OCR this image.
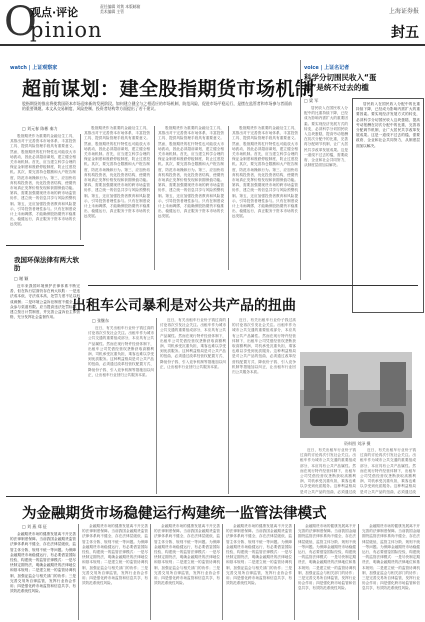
O
观点·评论
pinion
责任编辑 刘隽 本版邮箱
美术编辑 主管	上海证券报
封五
watch | 上证观察家
超前谋划：建全股指期货市场机制
股指期货的推出将使我国资本市场迎来新的发展阶段。如何建立健全与之相适应的市场机制，防范风险，促进市场平稳运行，是摆在监管者和市场参与者面前的重要课题。本文从交易制度、风险控制、投资者结构等方面提出了若干建议。
□ 刘元春 陈彬 秦力

股指期货作为重要的金融衍生工具，其推出对于完善资本市场体系、丰富投资工具、提供风险管理手段具有重要意义。然而，股指期货的杠杆特性也可能放大市场波动，因此必须超前谋划，建立健全相关市场机制。首先，应当建立科学合理的保证金制度和涨跌停板制度，防止过度投机。其次，要完善持仓限额和大户报告制度，防范市场操纵行为。第三，应加快培育机构投资者，优化投资者结构，使期货市场真正发挥价格发现和套期保值功能。第四，需要加强期现货市场的跨市场监管协作，建立统一的信息共享与风险预警机制。第五，还应加强投资者教育和风险提示，引导投资者理性参与。只有在制度设计上未雨绸缪，才能确保股指期货平稳推出、稳健运行，真正服务于资本市场的长远发展。

股指期货作为重要的金融衍生工具，其推出对于完善资本市场体系、丰富投资工具、提供风险管理手段具有重要意义。然而，股指期货的杠杆特性也可能放大市场波动，因此必须超前谋划，建立健全相关市场机制。首先，应当建立科学合理的保证金制度和涨跌停板制度，防止过度投机。其次，要完善持仓限额和大户报告制度，防范市场操纵行为。第三，应加快培育机构投资者，优化投资者结构，使期货市场真正发挥价格发现和套期保值功能。第四，需要加强期现货市场的跨市场监管协作，建立统一的信息共享与风险预警机制。第五，还应加强投资者教育和风险提示，引导投资者理性参与。只有在制度设计上未雨绸缪，才能确保股指期货平稳推出、稳健运行，真正服务于资本市场的长远发展。

股指期货作为重要的金融衍生工具，其推出对于完善资本市场体系、丰富投资工具、提供风险管理手段具有重要意义。然而，股指期货的杠杆特性也可能放大市场波动，因此必须超前谋划，建立健全相关市场机制。首先，应当建立科学合理的保证金制度和涨跌停板制度，防止过度投机。其次，要完善持仓限额和大户报告制度，防范市场操纵行为。第三，应加快培育机构投资者，优化投资者结构，使期货市场真正发挥价格发现和套期保值功能。第四，需要加强期现货市场的跨市场监管协作，建立统一的信息共享与风险预警机制。第五，还应加强投资者教育和风险提示，引导投资者理性参与。只有在制度设计上未雨绸缪，才能确保股指期货平稳推出、稳健运行，真正服务于资本市场的长远发展。

股指期货作为重要的金融衍生工具，其推出对于完善资本市场体系、丰富投资工具、提供风险管理手段具有重要意义。然而，股指期货的杠杆特性也可能放大市场波动，因此必须超前谋划，建立健全相关市场机制。首先，应当建立科学合理的保证金制度和涨跌停板制度，防止过度投机。其次，要完善持仓限额和大户报告制度，防范市场操纵行为。第三，应加快培育机构投资者，优化投资者结构，使期货市场真正发挥价格发现和套期保值功能。第四，需要加强期现货市场的跨市场监管协作，建立统一的信息共享与风险预警机制。第五，还应加强投资者教育和风险提示，引导投资者理性参与。只有在制度设计上未雨绸缪，才能确保股指期货平稳推出、稳健运行，真正服务于资本市场的长远发展。

voice | 上证名记者
科学分切围民收入“蛋糕”是统不过去的槛
□ 梁 军

居民收入在国民收入分配中的比重持续下降，已经成为影响内需扩大的重要因素。要实现经济发展方式的转变，必须科学分切国民收入这块蛋糕，提高劳动报酬在初次分配中的比重，完善再分配调节机制，让广大居民共享改革发展成果。这是一道绕不过去的槛，需要政府、企业和社会共同努力，从制度层面加以解决。

居民收入在国民收入分配中的比重持续下降，已经成为影响内需扩大的重要因素。要实现经济发展方式的转变，必须科学分切国民收入这块蛋糕，提高劳动报酬在初次分配中的比重，完善再分配调节机制，让广大居民共享改革发展成果。这是一道绕不过去的槛，需要政府、企业和社会共同努力，从制度层面加以解决。

我国环保法律有两大软肋
□ 谢 颖

近年来我国环境保护法律体系不断完善，但在执行层面仍存在两大软肋：一是违法成本低、守法成本高，处罚力度不足以形成威慑；二是环境公益诉讼制度不健全，公众参与渠道有限。应当提高违法处罚标准，建立按日计罚制度，并完善公益诉讼主体资格，充分发挥社会监督作用。

出租车公司暴利是对公共产品的扭曲
□ 张继东

近日，有关出租车行业份子钱过高的讨论再次引发社会关注。出租车作为城市公共交通的重要组成部分，本应具有公共产品属性。然而在现行特许经营体制下，出租车公司凭借经营权垄断获取高额利润，司机承受沉重负担，乘客也难以享受到优质服务。这种利益格局是对公共产品的扭曲，必须通过改革经营权配置方式、降低份子钱、引入竞争机制等措施加以纠正，让出租车行业回归公共服务本质。

近日，有关出租车行业份子钱过高的讨论再次引发社会关注。出租车作为城市公共交通的重要组成部分，本应具有公共产品属性。然而在现行特许经营体制下，出租车公司凭借经营权垄断获取高额利润，司机承受沉重负担，乘客也难以享受到优质服务。这种利益格局是对公共产品的扭曲，必须通过改革经营权配置方式、降低份子钱、引入竞争机制等措施加以纠正，让出租车行业回归公共服务本质。

近日，有关出租车行业份子钱过高的讨论再次引发社会关注。出租车作为城市公共交通的重要组成部分，本应具有公共产品属性。然而在现行特许经营体制下，出租车公司凭借经营权垄断获取高额利润，司机承受沉重负担，乘客也难以享受到优质服务。这种利益格局是对公共产品的扭曲，必须通过改革经营权配置方式、降低份子钱、引入竞争机制等措施加以纠正，让出租车行业回归公共服务本质。

资料图 刘泽 摄

近日，有关出租车行业份子钱过高的讨论再次引发社会关注。出租车作为城市公共交通的重要组成部分，本应具有公共产品属性。然而在现行特许经营体制下，出租车公司凭借经营权垄断获取高额利润，司机承受沉重负担，乘客也难以享受到优质服务。这种利益格局是对公共产品的扭曲，必须通过改

近日，有关出租车行业份子钱过高的讨论再次引发社会关注。出租车作为城市公共交通的重要组成部分，本应具有公共产品属性。然而在现行特许经营体制下，出租车公司凭借经营权垄断获取高额利润，司机承受沉重负担，乘客也难以享受到优质服务。这种利益格局是对公共产品的扭曲，必须通过改

为金融期货市场稳健运行构建统一监管法律模式
□ 刘 燕 郑 征

金融期货市场的健康发展离不开完善的法律制度保障。当前我国金融期货监管法律体系尚不健全，存在法律层级低、监管主体分散、规则不统一等问题。为保障金融期货市场稳健运行，有必要借鉴国际经验，构建统一的监管法律模式：一是尽快制定期货法，明确金融期货的法律地位和基本规则；二是建立统一的监管协调机制，加强证监会与相关部门的协作；三是完善交易所自律监管，发挥行业协会作用；四是强化跨市场监管和信息共享，有效防范系统性风险。

金融期货市场的健康发展离不开完善的法律制度保障。当前我国金融期货监管法律体系尚不健全，存在法律层级低、监管主体分散、规则不统一等问题。为保障金融期货市场稳健运行，有必要借鉴国际经验，构建统一的监管法律模式：一是尽快制定期货法，明确金融期货的法律地位和基本规则；二是建立统一的监管协调机制，加强证监会与相关部门的协作；三是完善交易所自律监管，发挥行业协会作用；四是强化跨市场监管和信息共享，有效防范系统性风险。

金融期货市场的健康发展离不开完善的法律制度保障。当前我国金融期货监管法律体系尚不健全，存在法律层级低、监管主体分散、规则不统一等问题。为保障金融期货市场稳健运行，有必要借鉴国际经验，构建统一的监管法律模式：一是尽快制定期货法，明确金融期货的法律地位和基本规则；二是建立统一的监管协调机制，加强证监会与相关部门的协作；三是完善交易所自律监管，发挥行业协会作用；四是强化跨市场监管和信息共享，有效防范系统性风险。

金融期货市场的健康发展离不开完善的法律制度保障。当前我国金融期货监管法律体系尚不健全，存在法律层级低、监管主体分散、规则不统一等问题。为保障金融期货市场稳健运行，有必要借鉴国际经验，构建统一的监管法律模式：一是尽快制定期货法，明确金融期货的法律地位和基本规则；二是建立统一的监管协调机制，加强证监会与相关部门的协作；三是完善交易所自律监管，发挥行业协会作用；四是强化跨市场监管和信息共享，有效防范系统性风险。

金融期货市场的健康发展离不开完善的法律制度保障。当前我国金融期货监管法律体系尚不健全，存在法律层级低、监管主体分散、规则不统一等问题。为保障金融期货市场稳健运行，有必要借鉴国际经验，构建统一的监管法律模式：一是尽快制定期货法，明确金融期货的法律地位和基本规则；二是建立统一的监管协调机制，加强证监会与相关部门的协作；三是完善交易所自律监管，发挥行业协会作用；四是强化跨市场监管和信息共享，有效防范系统性风险。

金融期货市场的健康发展离不开完善的法律制度保障。当前我国金融期货监管法律体系尚不健全，存在法律层级低、监管主体分散、规则不统一等问题。为保障金融期货市场稳健运行，有必要借鉴国际经验，构建统一的监管法律模式：一是尽快制定期货法，明确金融期货的法律地位和基本规则；二是建立统一的监管协调机制，加强证监会与相关部门的协作；三是完善交易所自律监管，发挥行业协会作用；四是强化跨市场监管和信息共享，有效防范系统性风险。
